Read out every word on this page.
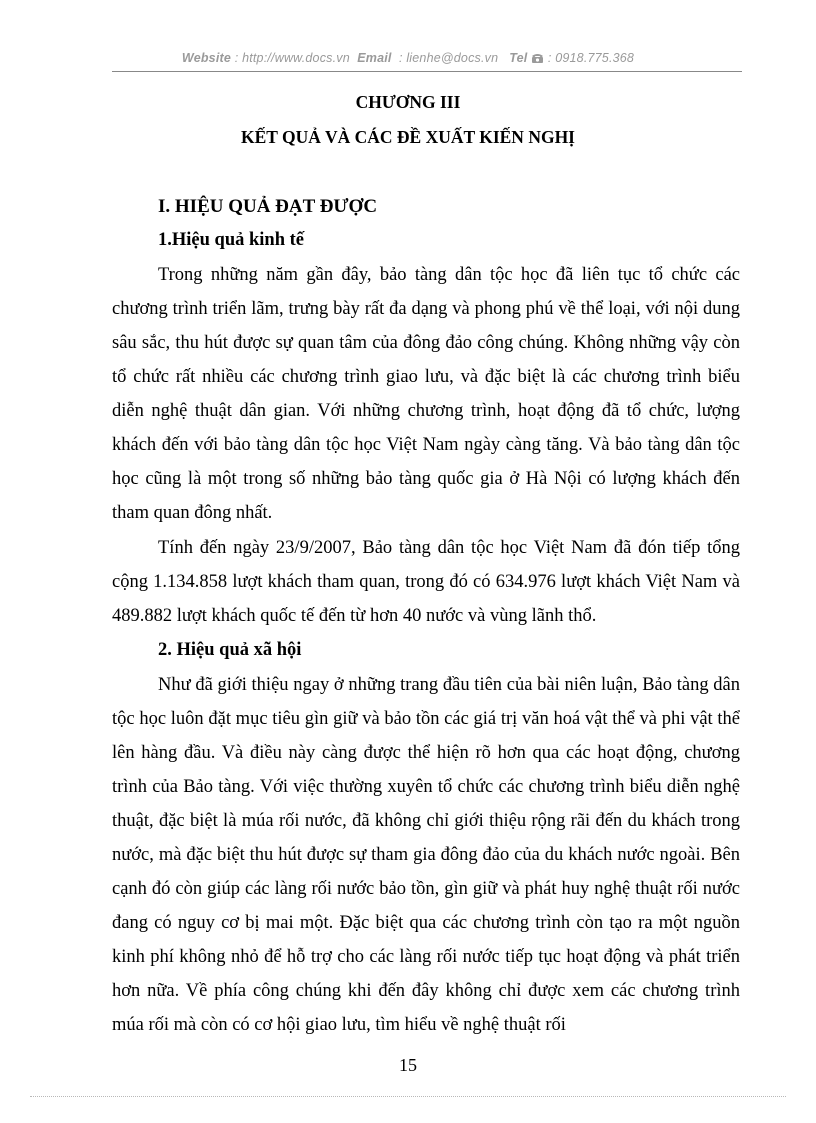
Website : http://www.docs.vn Email : lienhe@docs.vn Tel : 0918.775.368
CHƯƠNG III
KẾT QUẢ VÀ CÁC ĐỀ XUẤT KIẾN NGHỊ
I. HIỆU QUẢ ĐẠT ĐƯỢC
1.Hiệu quả kinh tế
Trong những năm gần đây, bảo tàng dân tộc học đã liên tục tổ chức các chương trình triển lãm, trưng bày rất đa dạng và phong phú về thể loại, với nội dung sâu sắc, thu hút được sự quan tâm của đông đảo công chúng. Không những vậy còn tổ chức rất nhiều các chương trình giao lưu, và đặc biệt là các chương trình biểu diễn nghệ thuật dân gian. Với những chương trình, hoạt động đã tổ chức, lượng khách đến với bảo tàng dân tộc học Việt Nam ngày càng tăng. Và bảo tàng dân tộc học cũng là một trong số những bảo tàng quốc gia ở Hà Nội có lượng khách đến tham quan đông nhất.
Tính đến ngày 23/9/2007, Bảo tàng dân tộc học Việt Nam đã đón tiếp tổng cộng 1.134.858 lượt khách tham quan, trong đó có 634.976 lượt khách Việt Nam và 489.882 lượt khách quốc tế đến từ hơn 40 nước và vùng lãnh thổ.
2. Hiệu quả xã hội
Như đã giới thiệu ngay ở những trang đầu tiên của bài niên luận, Bảo tàng dân tộc học luôn đặt mục tiêu gìn giữ và bảo tồn các giá trị văn hoá vật thể và phi vật thể lên hàng đầu. Và điều này càng được thể hiện rõ hơn qua các hoạt động, chương trình của Bảo tàng. Với việc thường xuyên tổ chức các chương trình biểu diễn nghệ thuật, đặc biệt là múa rối nước, đã không chỉ giới thiệu rộng rãi đến du khách trong nước, mà đặc biệt thu hút được sự tham gia đông đảo của du khách nước ngoài. Bên cạnh đó còn giúp các làng rối nước bảo tồn, gìn giữ và phát huy nghệ thuật rối nước đang có nguy cơ bị mai một. Đặc biệt qua các chương trình còn tạo ra một nguồn kinh phí không nhỏ để hỗ trợ cho các làng rối nước tiếp tục hoạt động và phát triển hơn nữa. Về phía công chúng khi đến đây không chỉ được xem các chương trình múa rối mà còn có cơ hội giao lưu, tìm hiểu về nghệ thuật rối
15
